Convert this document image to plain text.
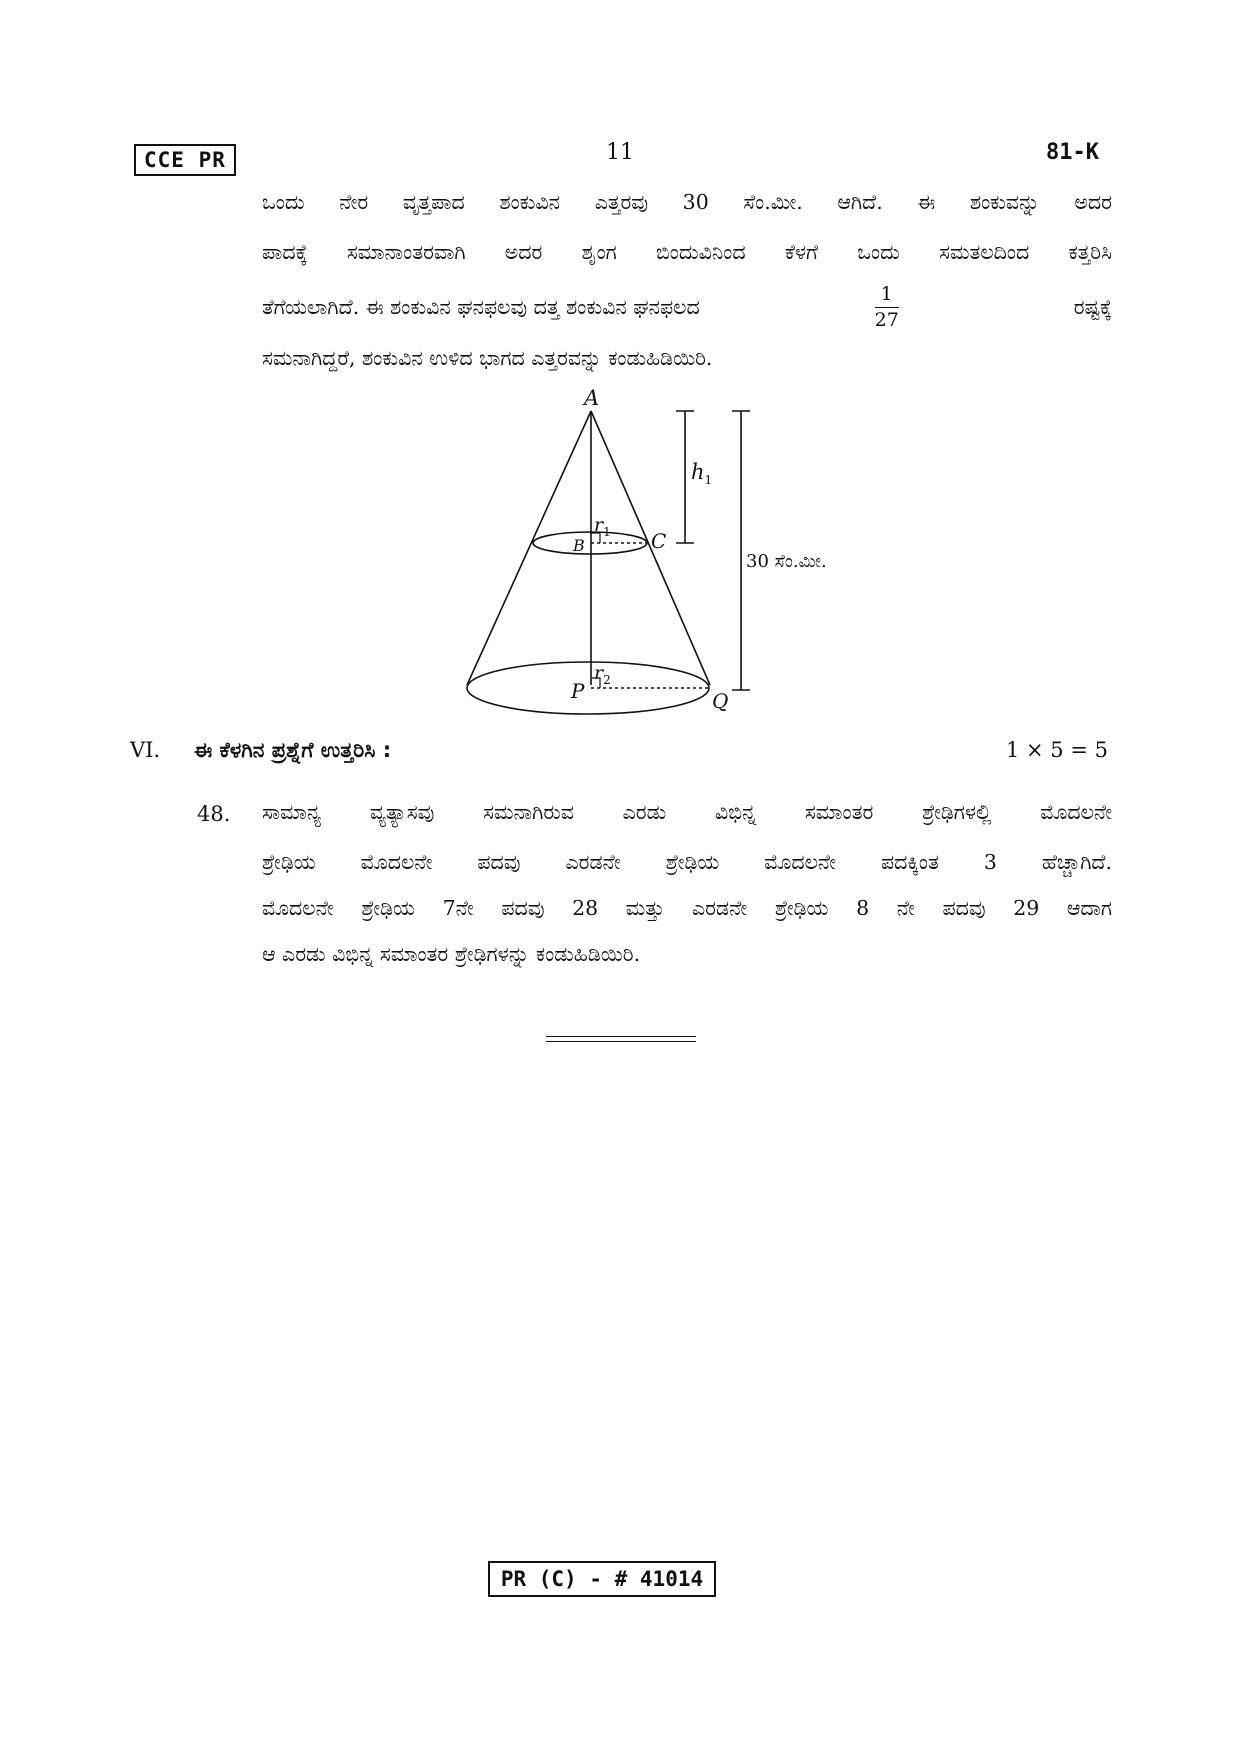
CCE PR	11	81-K
ಒಂದು ನೇರ ವೃತ್ತಪಾದ ಶಂಕುವಿನ ಎತ್ತರವು 30 ಸೆಂ.ಮೀ. ಆಗಿದೆ. ಈ ಶಂಕುವನ್ನು ಅದರ
ಪಾದಕ್ಕೆ ಸಮಾನಾಂತರವಾಗಿ ಅದರ ಶೃಂಗ ಬಿಂದುವಿನಿಂದ ಕೆಳಗೆ ಒಂದು ಸಮತಲದಿಂದ ಕತ್ತರಿಸಿ
ತೆಗೆಯಲಾಗಿದೆ. ಈ ಶಂಕುವಿನ ಘನಫಲವು ದತ್ತ ಶಂಕುವಿನ ಘನಫಲದ	$\frac{1}{27}$	ರಷ್ಟಕ್ಕೆ
ಸಮನಾಗಿದ್ದರೆ, ಶಂಕುವಿನ ಉಳಿದ ಭಾಗದ ಎತ್ತರವನ್ನು ಕಂಡುಹಿಡಿಯಿರಿ.
A
B	C
P	Q
$r_1$
$r_2$
$h_1$
30 ಸೆಂ.ಮೀ.
VI. ಈ ಕೆಳಗಿನ ಪ್ರಶ್ನೆಗೆ ಉತ್ತರಿಸಿ :	1 × 5 = 5
48. ಸಾಮಾನ್ಯ ವ್ಯತ್ಯಾಸವು ಸಮನಾಗಿರುವ ಎರಡು ವಿಭಿನ್ನ ಸಮಾಂತರ ಶ್ರೇಢಿಗಳಲ್ಲಿ ಮೊದಲನೇ
ಶ್ರೇಢಿಯ ಮೊದಲನೇ ಪದವು ಎರಡನೇ ಶ್ರೇಢಿಯ ಮೊದಲನೇ ಪದಕ್ಕಿಂತ 3 ಹೆಚ್ಚಾಗಿದೆ.
ಮೊದಲನೇ ಶ್ರೇಢಿಯ 7ನೇ ಪದವು 28 ಮತ್ತು ಎರಡನೇ ಶ್ರೇಢಿಯ 8 ನೇ ಪದವು 29 ಆದಾಗ
ಆ ಎರಡು ವಿಭಿನ್ನ ಸಮಾಂತರ ಶ್ರೇಢಿಗಳನ್ನು ಕಂಡುಹಿಡಿಯಿರಿ.
PR (C) - # 41014
